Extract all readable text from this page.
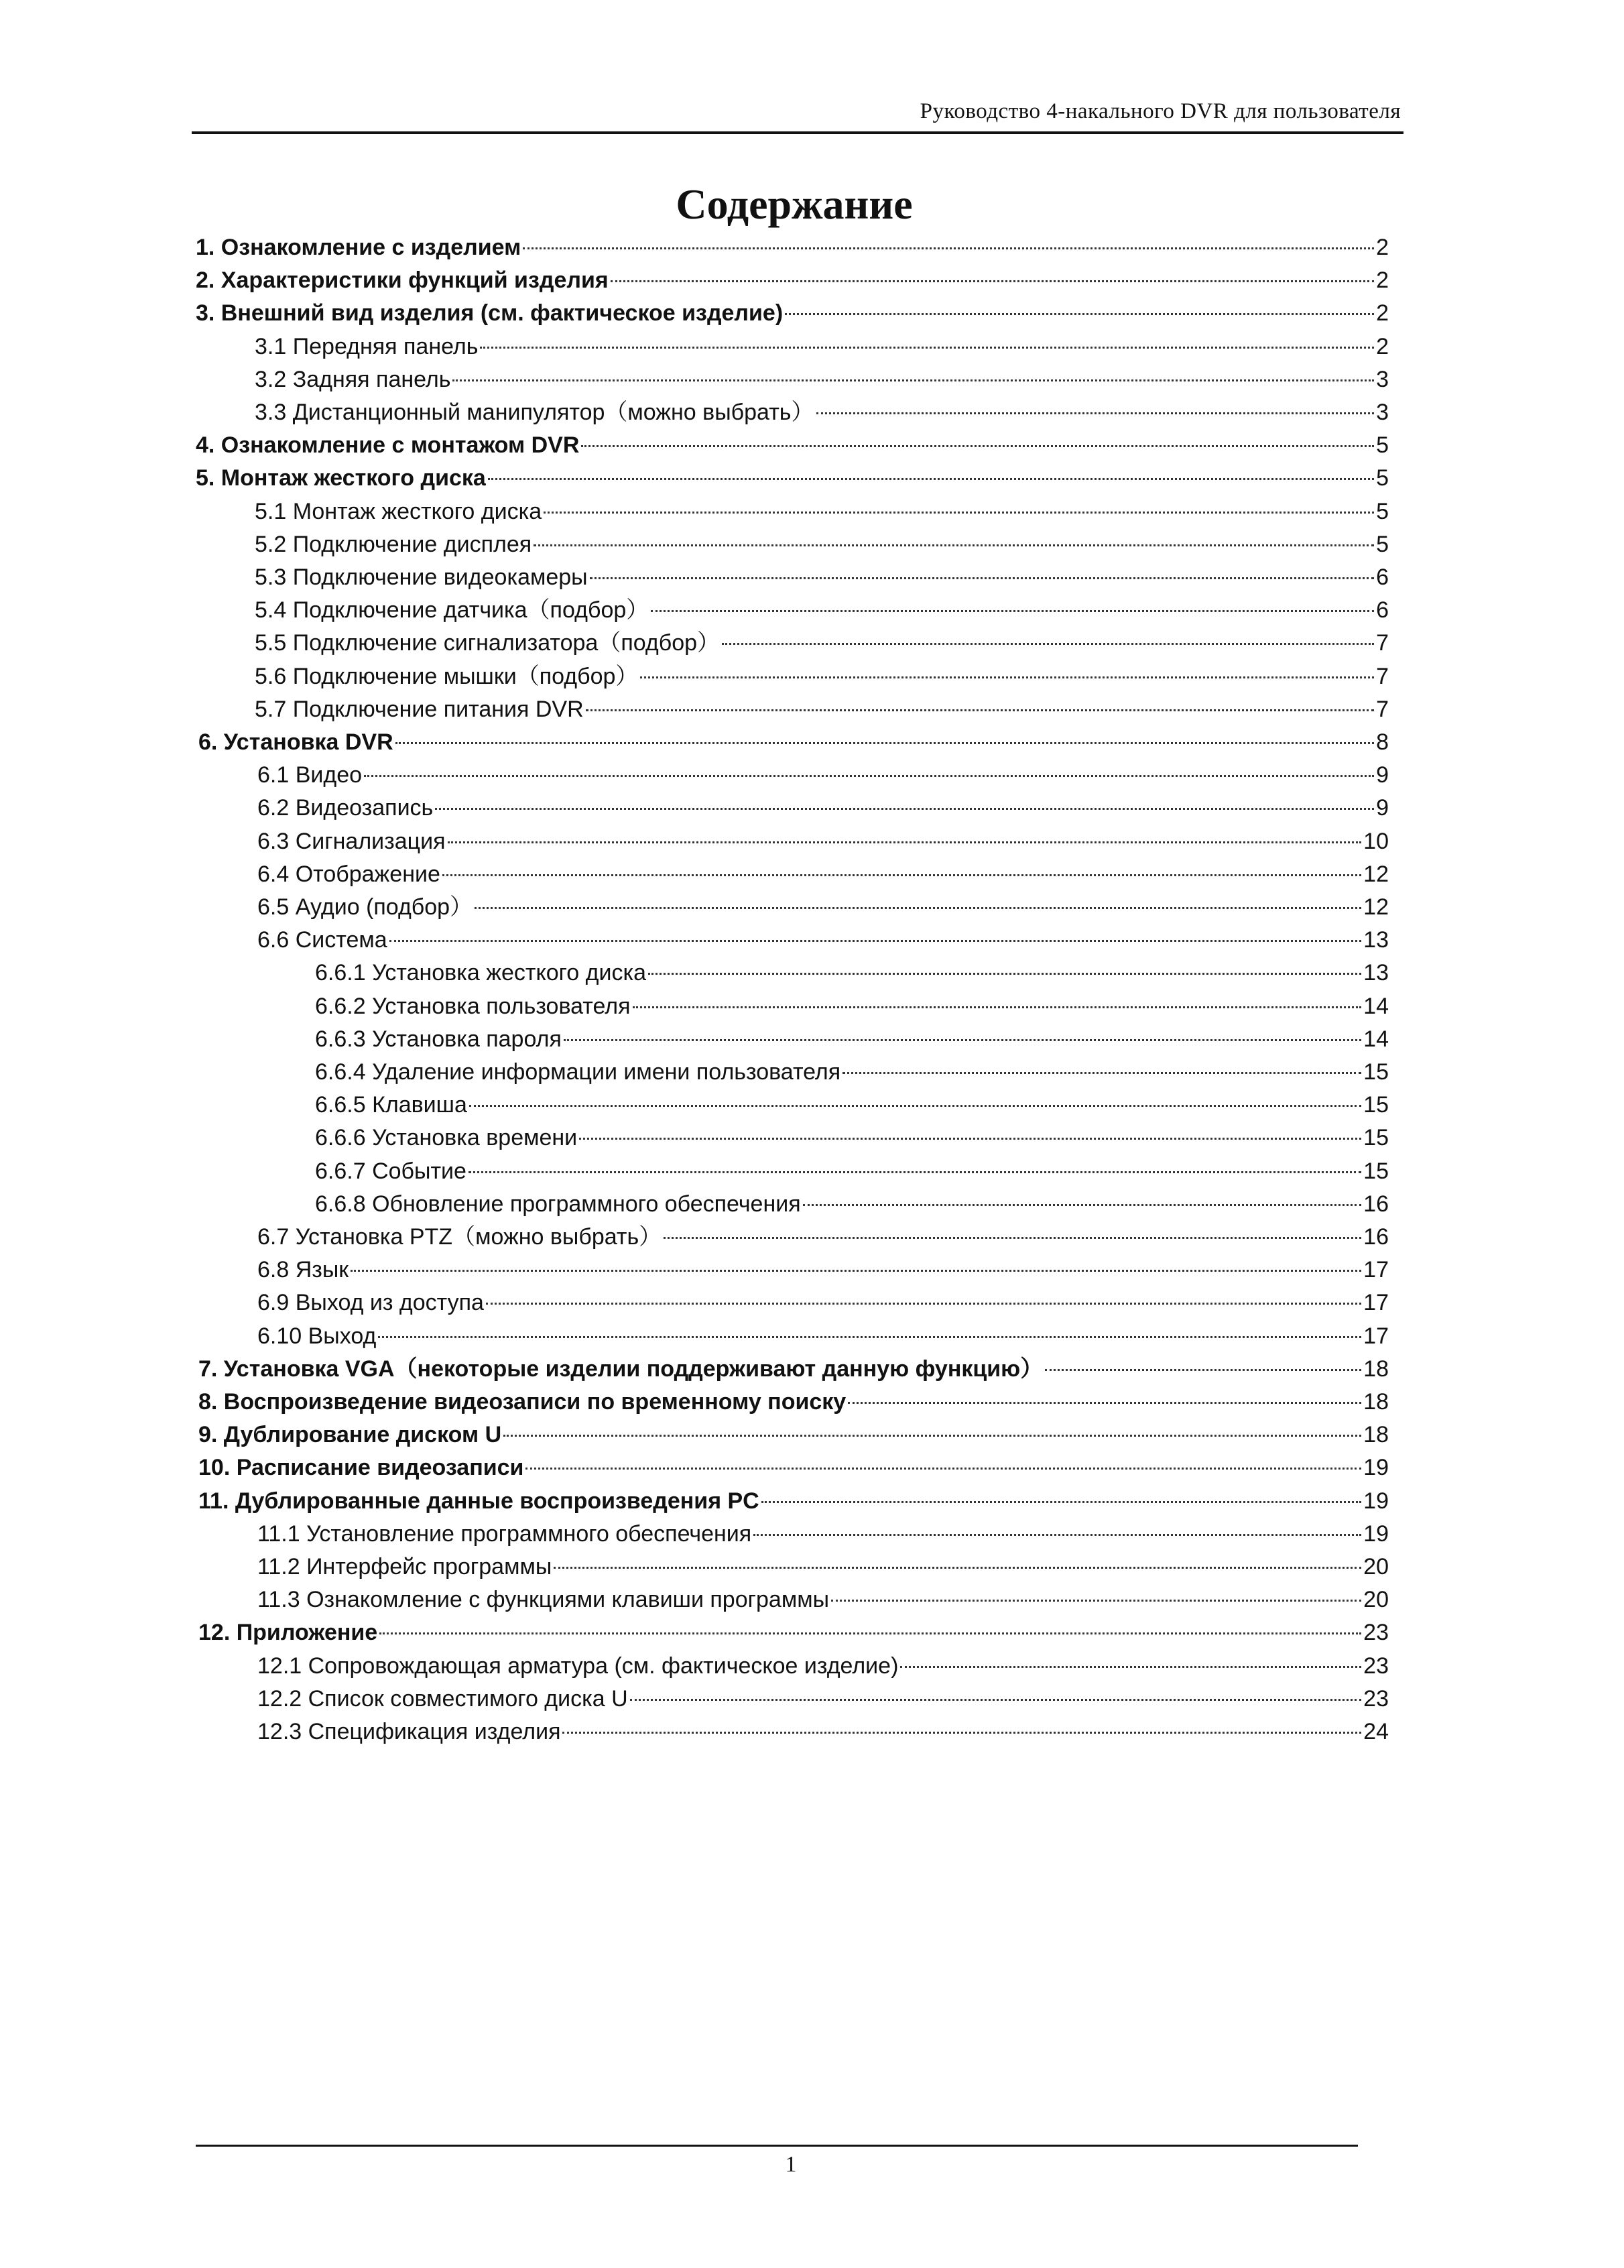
Руководство 4-накального DVR для пользователя
Содержание
1. Ознакомление с изделием	2
2. Характеристики функций изделия	2
3. Внешний вид изделия (см. фактическое изделие)	2
3.1 Передняя панель	2
3.2 Задняя панель	3
3.3 Дистанционный манипулятор（можно выбрать）	3
4. Ознакомление с монтажом DVR	5
5. Монтаж жесткого диска	5
5.1 Монтаж жесткого диска	5
5.2 Подключение дисплея	5
5.3 Подключение видеокамеры	6
5.4 Подключение датчика（подбор）	6
5.5 Подключение сигнализатора（подбор）	7
5.6 Подключение мышки（подбор）	7
5.7 Подключение питания DVR	7
6. Установка DVR	8
6.1 Видео	9
6.2 Видеозапись	9
6.3 Сигнализация	10
6.4 Отображение	12
6.5 Аудио (подбор）	12
6.6 Система	13
6.6.1 Установка жесткого диска	13
6.6.2 Установка пользователя	14
6.6.3 Установка пароля	14
6.6.4 Удаление информации имени пользователя	15
6.6.5 Клавиша	15
6.6.6 Установка времени	15
6.6.7 Событие	15
6.6.8 Обновление программного обеспечения	16
6.7 Установка PTZ（можно выбрать）	16
6.8 Язык	17
6.9 Выход из доступа	17
6.10 Выход	17
7. Установка VGA（некоторые изделии поддерживают данную функцию）	18
8. Воспроизведение видеозаписи по временному поиску	18
9. Дублирование диском U	18
10. Расписание видеозаписи	19
11. Дублированные данные воспроизведения PC	19
11.1 Установление программного обеспечения	19
11.2 Интерфейс программы	20
11.3 Ознакомление с функциями клавиши программы	20
12. Приложение	23
12.1 Сопровождающая арматура (см. фактическое изделие)	23
12.2 Список совместимого диска U	23
12.3 Спецификация изделия	24
1
